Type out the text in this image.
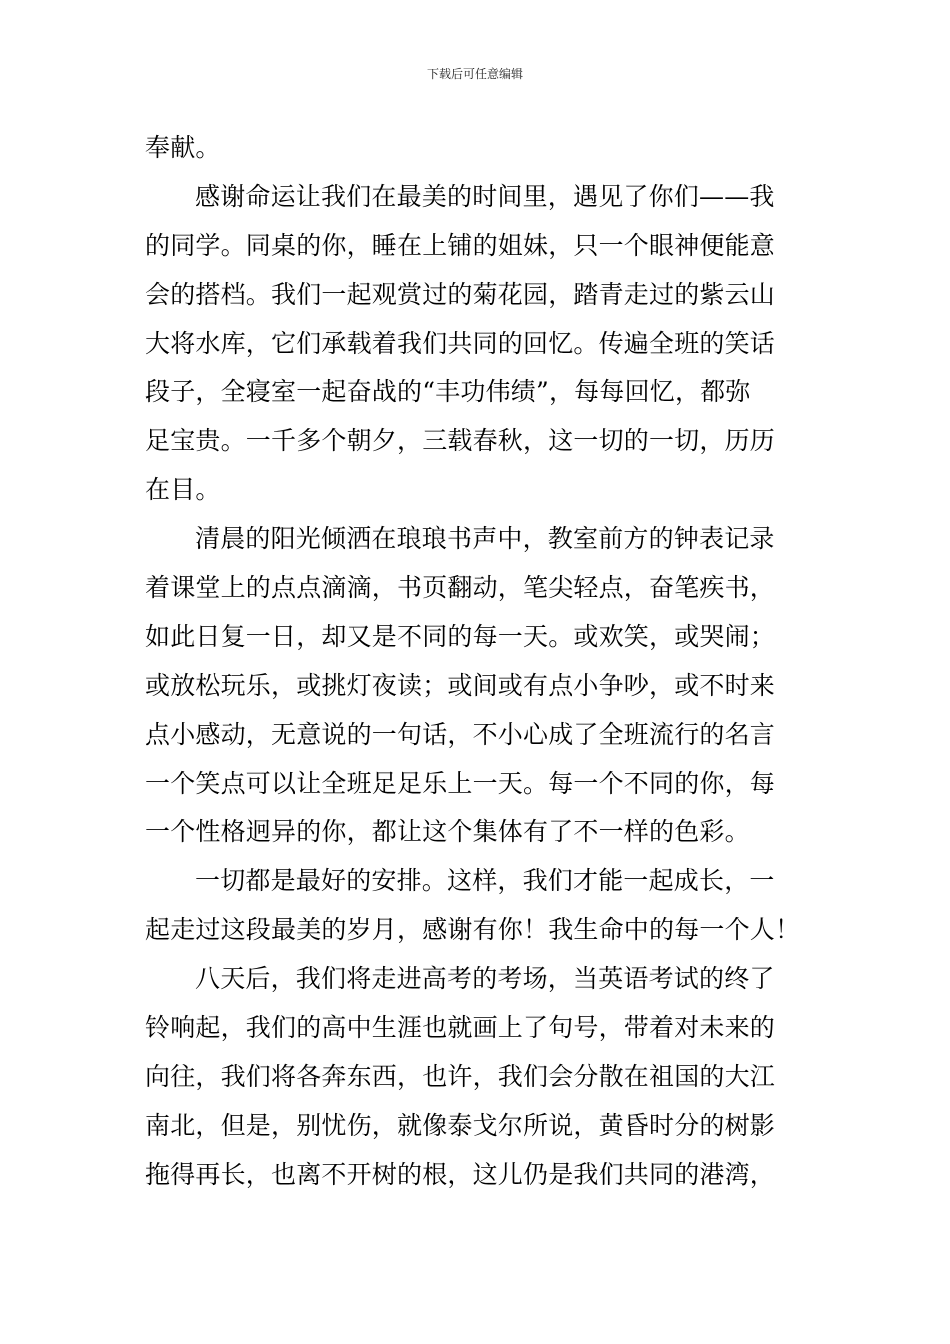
下载后可任意编辑

奉献。

感谢命运让我们在最美的时间里，遇见了你们——我
的同学。同桌的你，睡在上铺的姐妹，只一个眼神便能意
会的搭档。我们一起观赏过的菊花园，踏青走过的紫云山
大将水库，它们承载着我们共同的回忆。传遍全班的笑话
段子，全寝室一起奋战的“丰功伟绩”，每每回忆，都弥
足宝贵。一千多个朝夕，三载春秋，这一切的一切，历历
在目。

清晨的阳光倾洒在琅琅书声中，教室前方的钟表记录
着课堂上的点点滴滴，书页翻动，笔尖轻点，奋笔疾书，
如此日复一日，却又是不同的每一天。或欢笑，或哭闹；
或放松玩乐，或挑灯夜读；或间或有点小争吵，或不时来
点小感动，无意说的一句话，不小心成了全班流行的名言
一个笑点可以让全班足足乐上一天。每一个不同的你，每
一个性格迥异的你，都让这个集体有了不一样的色彩。

一切都是最好的安排。这样，我们才能一起成长，一
起走过这段最美的岁月，感谢有你！我生命中的每一个人！

八天后，我们将走进高考的考场，当英语考试的终了
铃响起，我们的高中生涯也就画上了句号，带着对未来的
向往，我们将各奔东西，也许，我们会分散在祖国的大江
南北，但是，别忧伤，就像泰戈尔所说，黄昏时分的树影
拖得再长，也离不开树的根，这儿仍是我们共同的港湾，
